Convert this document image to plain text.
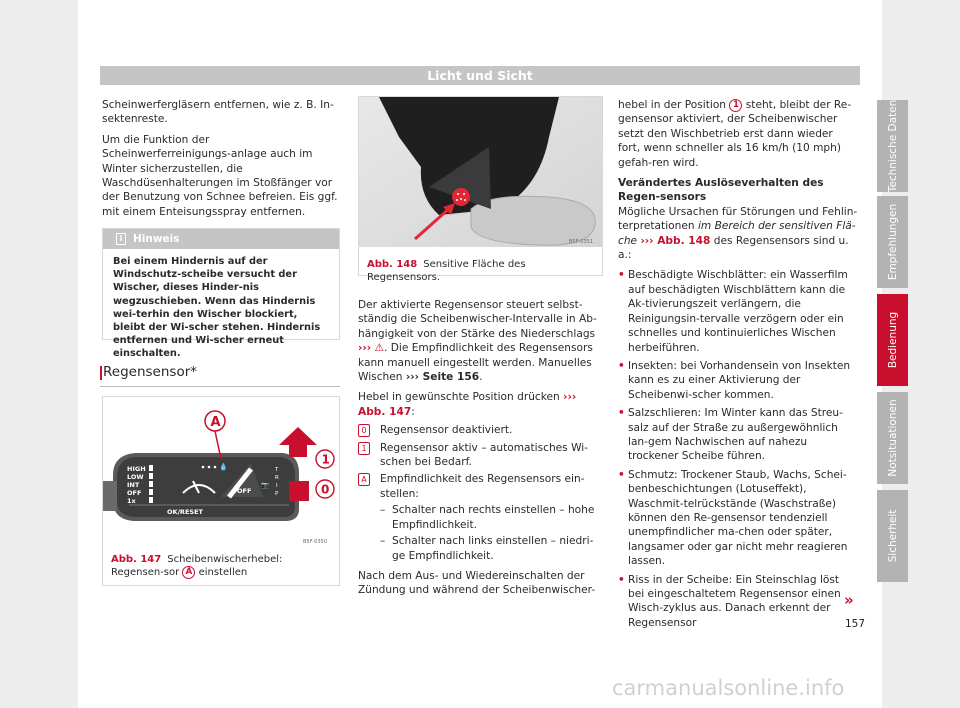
Licht und Sicht

Scheinwerfergläsern entfernen, wie z. B. In-sektenreste.

Um die Funktion der Scheinwerferreinigungs-anlage auch im Winter sicherzustellen, die Waschdüsenhalterungen im Stoßfänger vor der Benutzung von Schnee befreien. Eis ggf. mit einem Enteisungsspray entfernen.

i	Hinweis
Bei einem Hindernis auf der Windschutz-scheibe versucht der Wischer, dieses Hinder-nis wegzuschieben. Wenn das Hindernis wei-terhin den Wischer blockiert, bleibt der Wi-scher stehen. Hindernis entfernen und Wi-scher erneut einschalten.
Regensensor*
HIGH
LOW
INT
OFF
1x
💧
A
OFF
📷
T
R
I
P
OK/RESET
1
0
B5F-0350
Abb. 147 Scheibenwischerhebel: Regensen-sor A einstellen
B5F-0351
Abb. 148 Sensitive Fläche des Regensensors.

Der aktivierte Regensensor steuert selbst-ständig die Scheibenwischer-Intervalle in Ab-hängigkeit von der Stärke des Niederschlags ››› ⚠. Die Empfindlichkeit des Regensensors kann manuell eingestellt werden. Manuelles Wischen ››› Seite 156.

Hebel in gewünschte Position drücken ››› Abb. 147:

0	Regensensor deaktiviert.
1	Regensensor aktiv – automatisches Wi-schen bei Bedarf.
A	Empfindlichkeit des Regensensors ein-stellen:
– Schalter nach rechts einstellen – hohe Empfindlichkeit.
– Schalter nach links einstellen – niedri-ge Empfindlichkeit.

Nach dem Aus- und Wiedereinschalten der Zündung und während der Scheibenwischer-

hebel in der Position 1 steht, bleibt der Re-gensensor aktiviert, der Scheibenwischer setzt den Wischbetrieb erst dann wieder fort, wenn schneller als 16 km/h (10 mph) gefah-ren wird.

Verändertes Auslöseverhalten des Regen-sensors

Mögliche Ursachen für Störungen und Fehlin-terpretationen im Bereich der sensitiven Flä-che ››› Abb. 148 des Regensensors sind u. a.:

• Beschädigte Wischblätter: ein Wasserfilm auf beschädigten Wischblättern kann die Ak-tivierungszeit verlängern, die Reinigungsin-tervalle verzögern oder ein schnelles und kontinuierliches Wischen herbeiführen.
• Insekten: bei Vorhandensein von Insekten kann es zu einer Aktivierung der Scheibenwi-scher kommen.
• Salzschlieren: Im Winter kann das Streu-salz auf der Straße zu außergewöhnlich lan-gem Nachwischen auf nahezu trockener Scheibe führen.
• Schmutz: Trockener Staub, Wachs, Schei-benbeschichtungen (Lotuseffekt), Waschmit-telrückstände (Waschstraße) können den Re-gensensor tendenziell unempfindlicher ma-chen oder später, langsamer oder gar nicht mehr reagieren lassen.
• Riss in der Scheibe: Ein Steinschlag löst bei eingeschaltetem Regensensor einen Wisch-zyklus aus. Danach erkennt der Regensensor
»
157
Technische Daten
Empfehlungen
Bedienung
Notsituationen
Sicherheit
carmanualsonline.info
